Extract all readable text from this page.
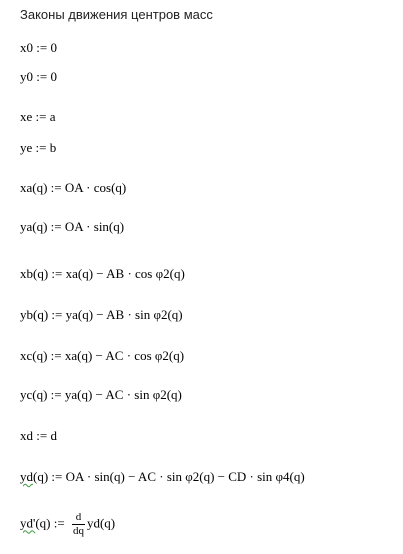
Законы движения центров масс
x0 := 0
y0 := 0
xe := a
ye := b
xa(q) := OA · cos(q)
ya(q) := OA · sin(q)
xb(q) := xa(q) − AB · cos φ2(q)
yb(q) := ya(q) − AB · sin φ2(q)
xc(q) := xa(q) − AC · cos φ2(q)
yc(q) := ya(q) − AC · sin φ2(q)
xd := d
yd(q) := OA · sin(q) − AC · sin φ2(q) − CD · sin φ4(q)
yd'(q) := $\frac{d}{dq} yd(q)$
